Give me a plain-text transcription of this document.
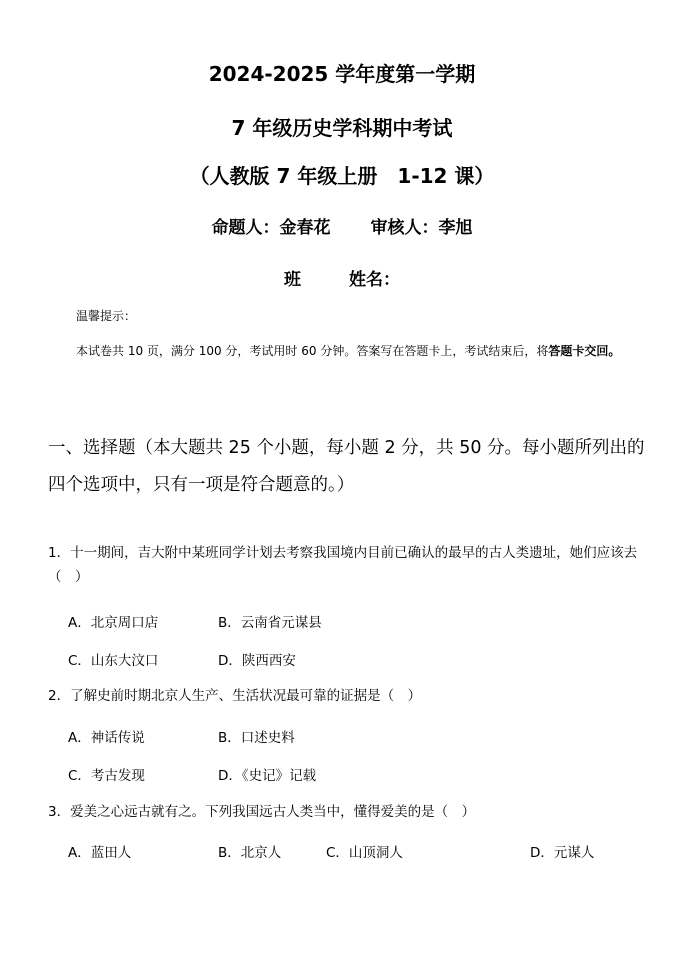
2024-2025 学年度第一学期
7 年级历史学科期中考试
（人教版 7 年级上册　1-12 课）
命题人：金春花 审核人：李旭
班	姓名：
温馨提示：
本试卷共 10 页，满分 100 分，考试用时 60 分钟。答案写在答题卡上，考试结束后，将答题卡交回。
一、选择题（本大题共 25 个小题，每小题 2 分，共 50 分。每小题所列出的四个选项中，只有一项是符合题意的。）
1．十一期间，吉大附中某班同学计划去考察我国境内目前已确认的最早的古人类遗址，她们应该去（　）
A．北京周口店	B．云南省元谋县
C．山东大汶口	D．陕西西安
2．了解史前时期北京人生产、生活状况最可靠的证据是（　）
A．神话传说	B．口述史料
C．考古发现	D．《史记》记载
3．爱美之心远古就有之。下列我国远古人类当中，懂得爱美的是（　）
A．蓝田人	B．北京人	C．山顶洞人	D．元谋人
